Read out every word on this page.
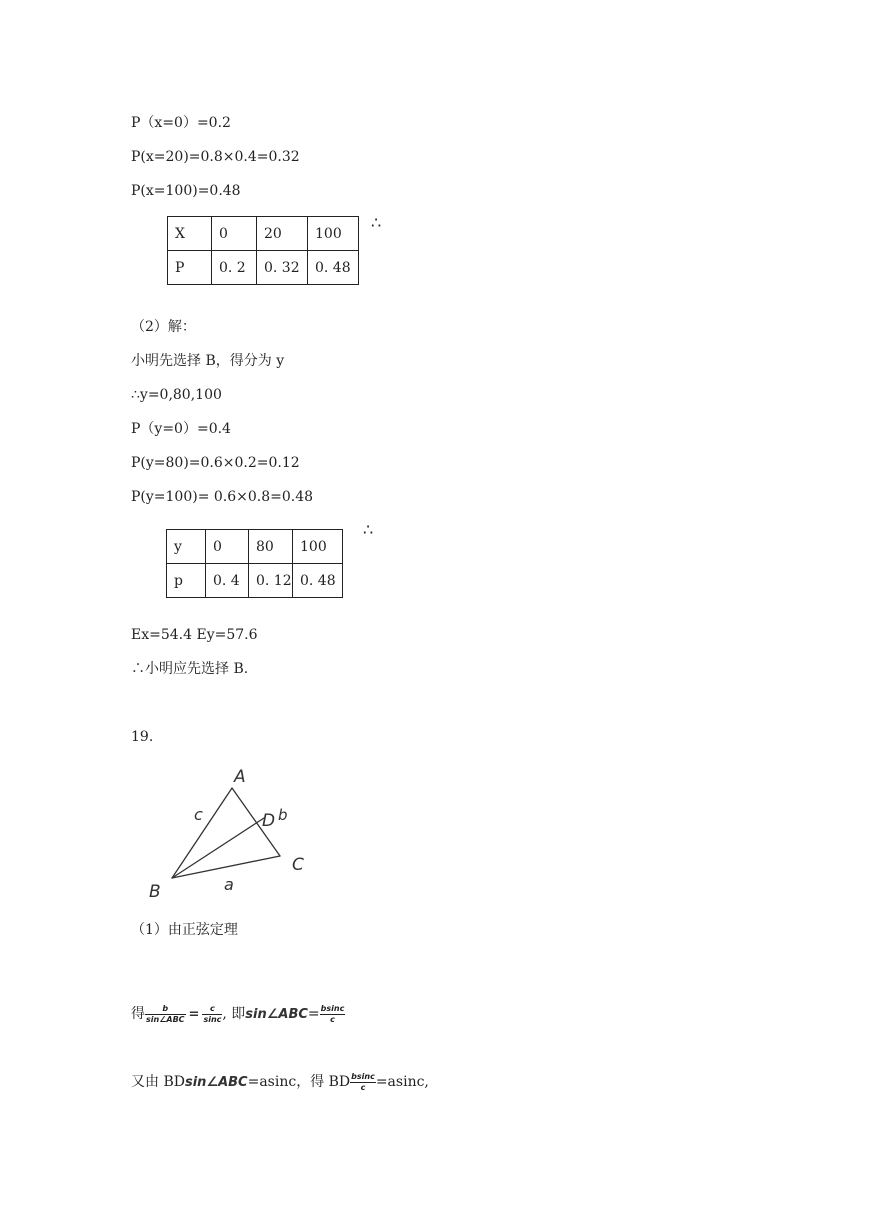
P（x=0）=0.2
P(x=20)=0.8×0.4=0.32
P(x=100)=0.48
X	0	20	100
P	0. 2	0. 32	0. 48
∴
（2）解：
小明先选择 B，得分为 y
∴y=0,80,100
P（y=0）=0.4
P(y=80)=0.6×0.2=0.12
P(y=100)= 0.6×0.8=0.48
y	0	80	100
p	0. 4	0. 12	0. 48
∴
Ex=54.4 Ey=57.6
∴小明应先选择 B.
19.
A
B
C
D b
c
a
（1）由正弦定理
得 $\frac{b}{\text{sin∠ABC}} = \frac{c}{\sin c}$ , 即sin∠ABC= $\frac{bsinc}{c}$
又由 BDsin∠ABC=asinc，得 BD $\frac{bsinc}{c} =asinc$,
